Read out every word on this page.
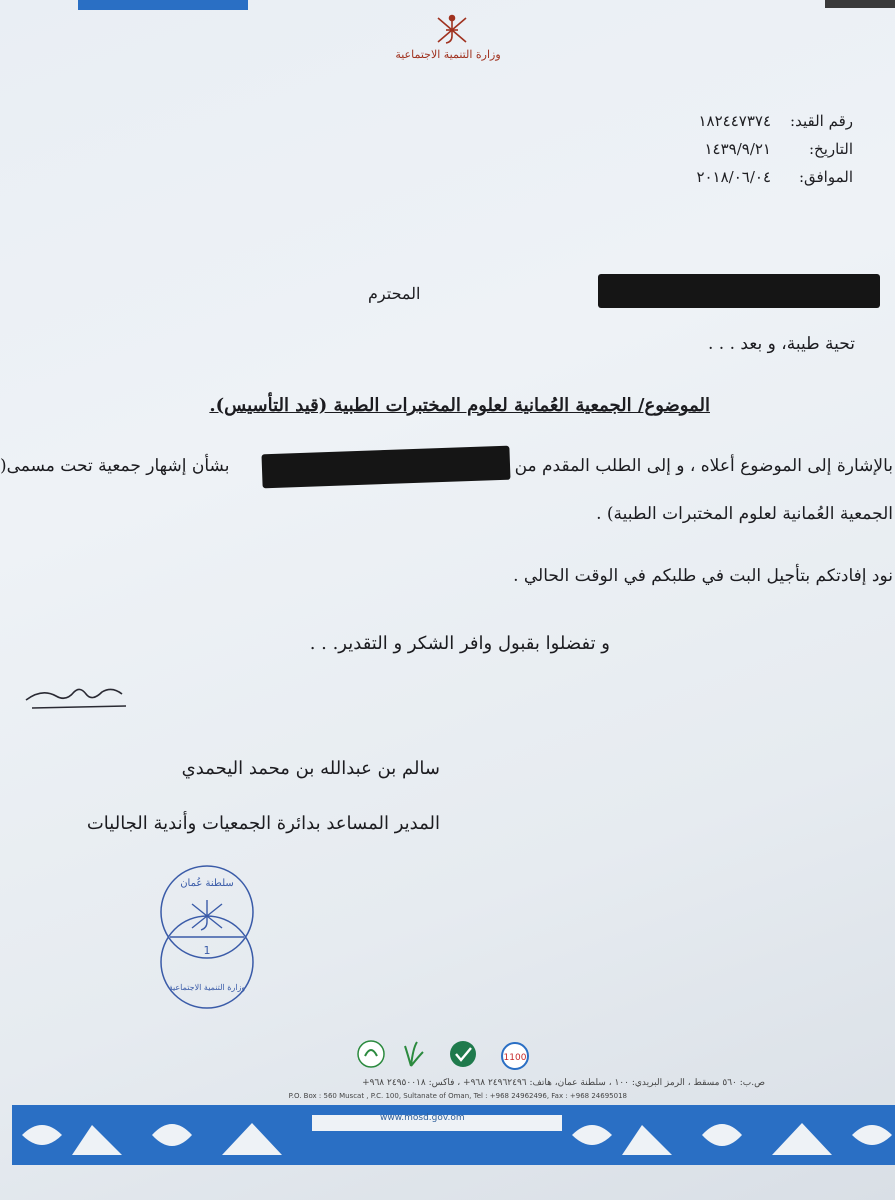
وزارة التنمية الاجتماعية
رقم القيد:١٨٢٤٤٧٣٧٤
التاريخ:١٤٣٩/٩/٢١
الموافق:٢٠١٨/٠٦/٠٤
المحترم
تحية طيبة، و بعد . . .
الموضوع/ الجمعية العُمانية لعلوم المختبرات الطبية (قيد التأسيس).
بالإشارة إلى الموضوع أعلاه ، و إلى الطلب المقدم من
بشأن إشهار جمعية تحت مسمى(
الجمعية العُمانية لعلوم المختبرات الطبية) .
نود إفادتكم بتأجيل البت في طلبكم في الوقت الحالي .
و تفضلوا بقبول وافر الشكر و التقدير. . .
سالم بن عبدالله بن محمد اليحمدي
المدير المساعد بدائرة الجمعيات وأندية الجاليات
سلطنة عُمان
1
وزارة التنمية الاجتماعية
1100
ص.ب: ٥٦٠ مسقط ، الرمز البريدي: ١٠٠ ، سلطنة عمان، هاتف: ٢٤٩٦٢٤٩٦ ٩٦٨+ ، فاكس: ٢٤٩٥٠٠١٨ ٩٦٨+
P.O. Box : 560 Muscat , P.C. 100, Sultanate of Oman, Tel : +968 24962496, Fax : +968 24695018
www.mosd.gov.om
